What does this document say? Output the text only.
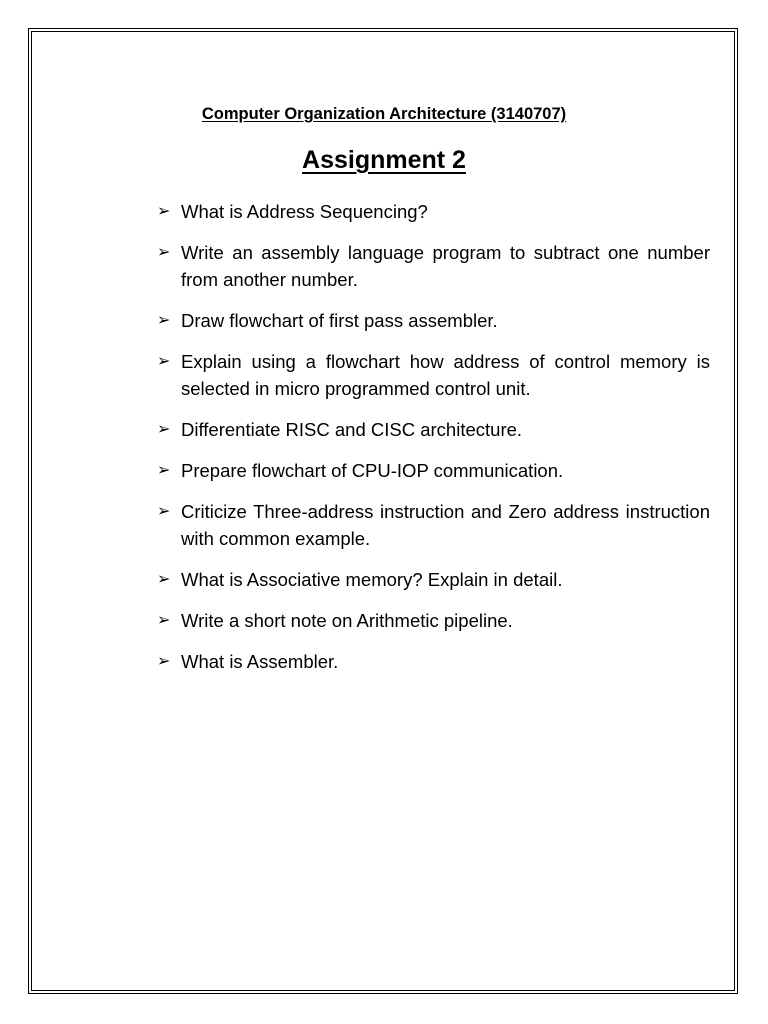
Computer Organization Architecture (3140707)
Assignment 2
➢ What is Address Sequencing?
➢ Write an assembly language program to subtract one number from another number.
➢ Draw flowchart of first pass assembler.
➢ Explain using a flowchart how address of control memory is selected in micro programmed control unit.
➢ Differentiate RISC and CISC architecture.
➢ Prepare flowchart of CPU-IOP communication.
➢ Criticize Three-address instruction and Zero address instruction with common example.
➢ What is Associative memory? Explain in detail.
➢ Write a short note on Arithmetic pipeline.
➢ What is Assembler.
